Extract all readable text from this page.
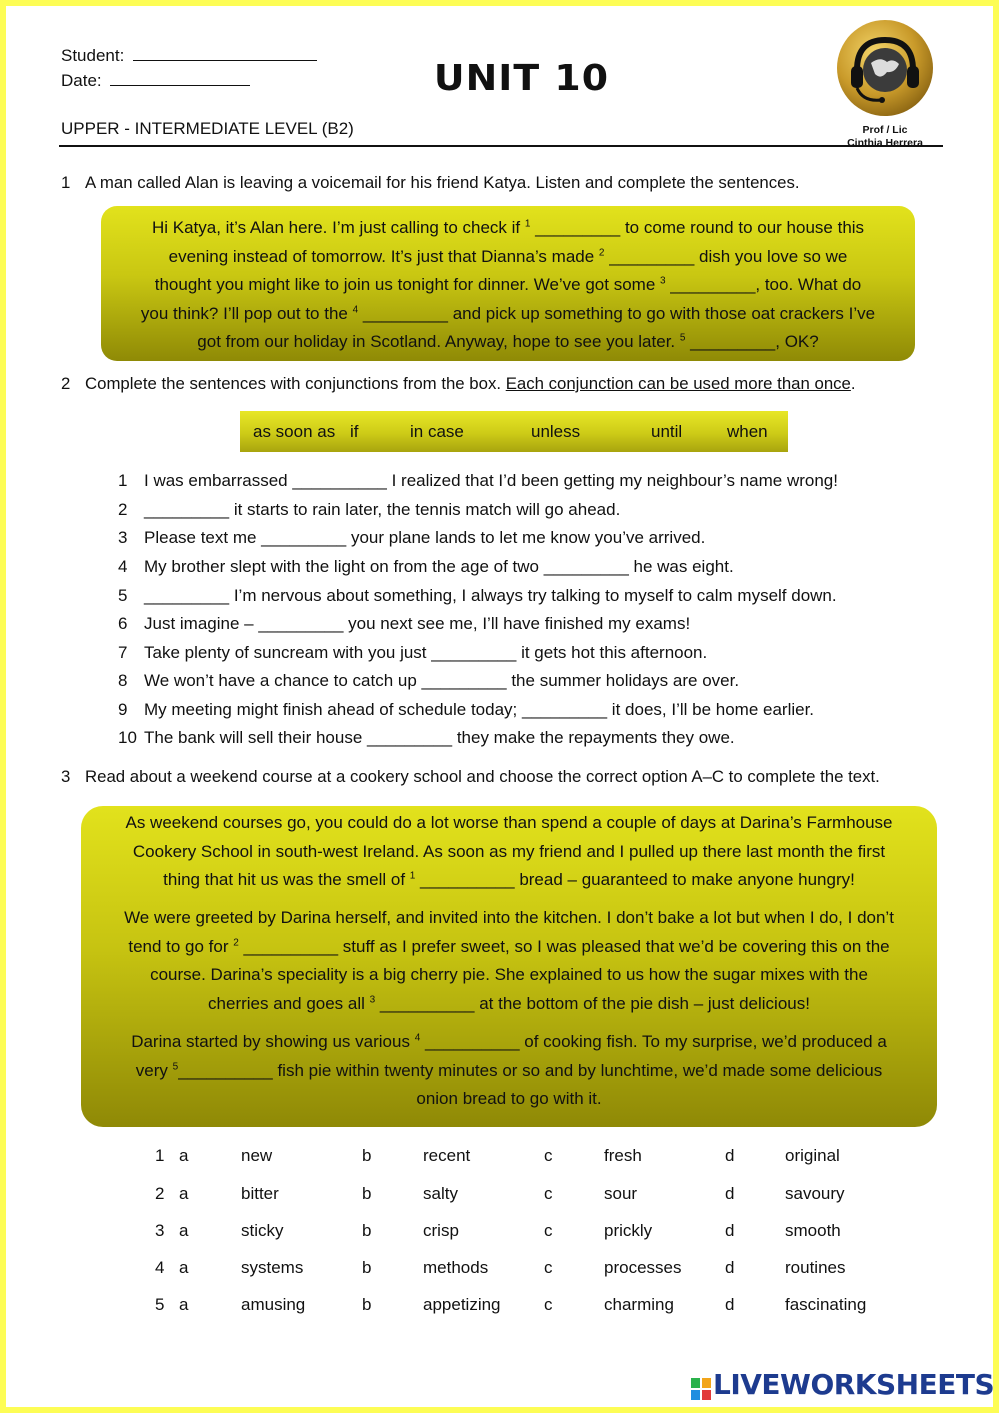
Student:
Date:	UNIT 10
UPPER - INTERMEDIATE LEVEL (B2)	Prof / Lic
Cinthia Herrera
1 A man called Alan is leaving a voicemail for his friend Katya. Listen and complete the sentences.
Hi Katya, it’s Alan here. I’m just calling to check if $^1$ _________ to come round to our house this
evening instead of tomorrow. It’s just that Dianna’s made $^2$ _________ dish you love so we
thought you might like to join us tonight for dinner. We’ve got some $^3$ _________, too. What do
you think? I’ll pop out to the $^4$ _________ and pick up something to go with those oat crackers I’ve
got from our holiday in Scotland. Anyway, hope to see you later. $^5$ _________, OK?
2 Complete the sentences with conjunctions from the box. Each conjunction can be used more than once.
as soon as if	in case	unless	until	when
1 I was embarrassed __________ I realized that I’d been getting my neighbour’s name wrong!
2 _________ it starts to rain later, the tennis match will go ahead.
3 Please text me _________ your plane lands to let me know you’ve arrived.
4 My brother slept with the light on from the age of two _________ he was eight.
5 _________ I’m nervous about something, I always try talking to myself to calm myself down.
6 Just imagine – _________ you next see me, I’ll have finished my exams!
7 Take plenty of suncream with you just _________ it gets hot this afternoon.
8 We won’t have a chance to catch up _________ the summer holidays are over.
9 My meeting might finish ahead of schedule today; _________ it does, I’ll be home earlier.
10 The bank will sell their house _________ they make the repayments they owe.
3 Read about a weekend course at a cookery school and choose the correct option A–C to complete the text.

As weekend courses go, you could do a lot worse than spend a couple of days at Darina’s Farmhouse
Cookery School in south-west Ireland. As soon as my friend and I pulled up there last month the first
thing that hit us was the smell of $^1$ __________ bread – guaranteed to make anyone hungry!

We were greeted by Darina herself, and invited into the kitchen. I don’t bake a lot but when I do, I don’t
tend to go for $^2$ __________ stuff as I prefer sweet, so I was pleased that we’d be covering this on the
course. Darina’s speciality is a big cherry pie. She explained to us how the sugar mixes with the
cherries and goes all $^3$ __________ at the bottom of the pie dish – just delicious!

Darina started by showing us various $^4$ __________ of cooking fish. To my surprise, we’d produced a
very $^5$__________ fish pie within twenty minutes or so and by lunchtime, we’d made some delicious
onion bread to go with it.

1 a	new	b	recent	c	fresh	d	original
2 a	bitter	b	salty	c	sour	d	savoury
3 a	sticky	b	crisp	c	prickly	d	smooth
4 a	systems	b	methods	c	processes	d	routines
5 a	amusing	b	appetizing	c	charming	d	fascinating
LIVEWORKSHEETS
